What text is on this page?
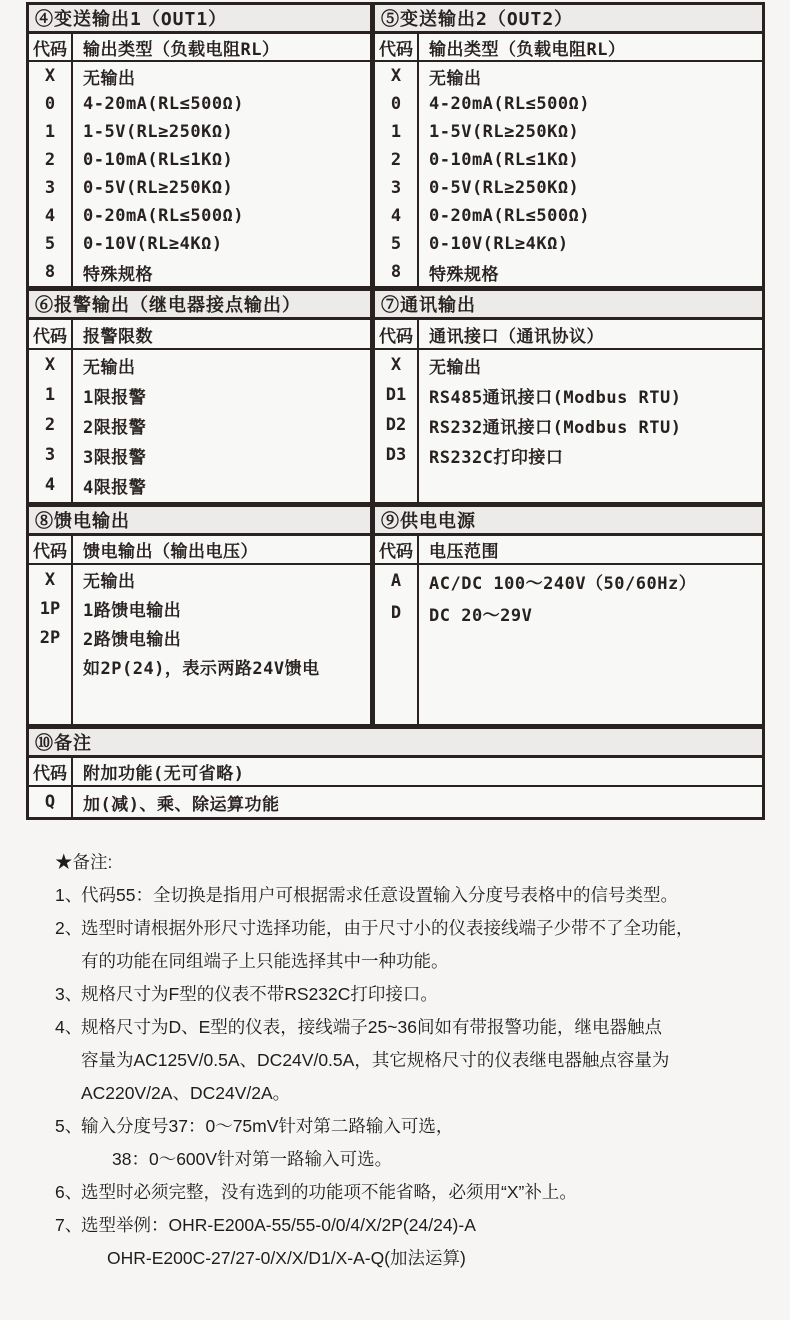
④变送输出1（OUT1）
代码 输出类型（负载电阻RL）
X	无输出
0	4-20mA(RL≤500Ω)
1	1-5V(RL≥250KΩ)
2	0-10mA(RL≤1KΩ)
3	0-5V(RL≥250KΩ)
4	0-20mA(RL≤500Ω)
5	0-10V(RL≥4KΩ)
8	特殊规格
⑤变送输出2（OUT2）
代码 输出类型（负载电阻RL）
X	无输出
0	4-20mA(RL≤500Ω)
1	1-5V(RL≥250KΩ)
2	0-10mA(RL≤1KΩ)
3	0-5V(RL≥250KΩ)
4	0-20mA(RL≤500Ω)
5	0-10V(RL≥4KΩ)
8	特殊规格
⑥报警输出（继电器接点输出）
代码 报警限数
X	无输出
1	1限报警
2	2限报警
3	3限报警
4	4限报警
⑦通讯输出
代码 通讯接口（通讯协议）
X	无输出
D1	RS485通讯接口(Modbus RTU)
D2	RS232通讯接口(Modbus RTU)
D3	RS232C打印接口
⑧馈电输出
代码 馈电输出（输出电压）
X	无输出
1P	1路馈电输出
2P	2路馈电输出
如2P(24)，表示两路24V馈电
⑨供电电源
代码 电压范围
A	AC/DC 100～240V（50/60Hz）
D	DC 20～29V
⑩备注
代码 附加功能(无可省略)
Q	加(减)、乘、除运算功能
★备注:
1、
代码55：全切换是指用户可根据需求任意设置输入分度号表格中的信号类型。
2、
选型时请根据外形尺寸选择功能，由于尺寸小的仪表接线端子少带不了全功能，
有的功能在同组端子上只能选择其中一种功能。
3、
规格尺寸为F型的仪表不带RS232C打印接口。
4、
规格尺寸为D、E型的仪表，接线端子25~36间如有带报警功能，继电器触点
容量为AC125V/0.5A、DC24V/0.5A，其它规格尺寸的仪表继电器触点容量为
AC220V/2A、DC24V/2A。
5、
输入分度号37：0～75mV针对第二路输入可选，
38：0～600V针对第一路输入可选。
6、
选型时必须完整，没有选到的功能项不能省略，必须用“X”补上。
7、
选型举例：OHR-E200A-55/55-0/0/4/X/2P(24/24)-A
OHR-E200C-27/27-0/X/X/D1/X-A-Q(加法运算)
